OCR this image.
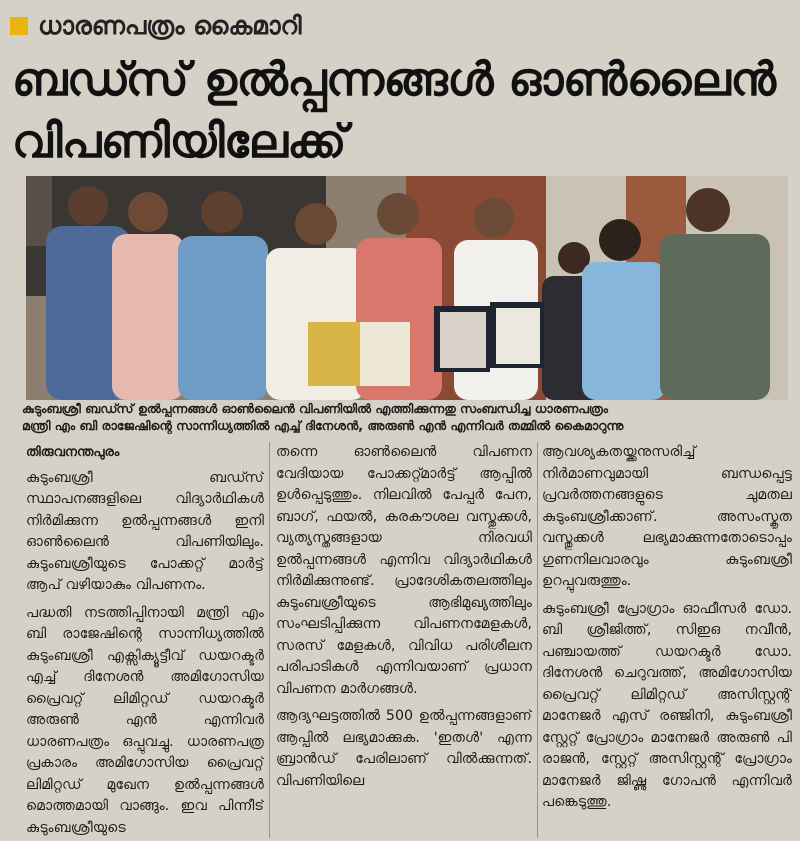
ധാരണപത്രം കൈമാറി
ബഡ്സ് ഉൽപ്പന്നങ്ങൾ ഓൺലൈൻ
വിപണിയിലേക്ക്
കുടുംബശ്രീ ബഡ്സ് ഉൽപ്പന്നങ്ങൾ ഓൺലൈൻ വിപണിയിൽ എത്തിക്കുന്നതു സംബന്ധിച്ച ധാരണപത്രം
മന്ത്രി എം ബി രാജേഷിന്റെ സാന്നിധ്യത്തിൽ എച്ച് ദിനേശൻ, അരുൺ എൻ എന്നിവർ തമ്മിൽ കൈമാറുന്നു

തിരുവനന്തപുരം

കുടുംബശ്രീ ബഡ്സ് സ്ഥാപനങ്ങളിലെ വിദ്യാർഥികൾ നിർമിക്കുന്ന ഉൽപ്പന്നങ്ങൾ ഇനി ഓൺലൈൻ വിപണിയിലും. കുടുംബശ്രീയുടെ പോക്കറ്റ് മാർട്ട് ആപ് വഴിയാകും വിപണനം.

പദ്ധതി നടത്തിപ്പിനായി മന്ത്രി എം ബി രാജേഷിന്റെ സാന്നിധ്യത്തിൽ കുടുംബശ്രീ എക്സിക്യൂട്ടീവ് ഡയറക്ടർ എച്ച് ദിനേശൻ അമിഗോസിയ പ്രൈവറ്റ് ലിമിറ്റഡ് ഡയറക്ടർ അരുൺ എൻ എന്നിവർ ധാരണപത്രം ഒപ്പുവച്ചു. ധാരണപത്ര പ്രകാരം അമിഗോസിയ പ്രൈവറ്റ് ലിമിറ്റഡ് മുഖേന ഉൽപ്പന്നങ്ങൾ മൊത്തമായി വാങ്ങും. ഇവ പിന്നീട് കുടുംബശ്രീയുടെ

തന്നെ ഓൺലൈൻ വിപണന വേദിയായ പോക്കറ്റ്മാർട്ട് ആപ്പിൽ ഉൾപ്പെടുത്തും. നിലവിൽ പേപ്പർ പേന, ബാഗ്, ഫയൽ, കരകൗശല വസ്തുക്കൾ, വ്യത്യസ്തങ്ങളായ നിരവധി ഉൽപ്പന്നങ്ങൾ എന്നിവ വിദ്യാർഥികൾ നിർമിക്കുന്നുണ്ട്. പ്രാദേശികതലത്തിലും കുടുംബശ്രീയുടെ ആഭിമുഖ്യത്തിലും സംഘടിപ്പിക്കുന്ന വിപണനമേളകൾ, സരസ് മേളകൾ, വിവിധ പരിശീലന പരിപാടികൾ എന്നിവയാണ് പ്രധാന വിപണന മാർഗങ്ങൾ.

ആദ്യഘട്ടത്തിൽ 500 ഉൽപ്പന്നങ്ങളാണ് ആപ്പിൽ ലഭ്യമാക്കുക. 'ഇതൾ' എന്ന ബ്രാൻഡ് പേരിലാണ് വിൽക്കുന്നത്. വിപണിയിലെ

ആവശ്യകതയ്ക്കനുസരിച്ച് നിർമാണവുമായി ബന്ധപ്പെട്ട പ്രവർത്തനങ്ങളുടെ ചുമതല കുടുംബശ്രീക്കാണ്. അസംസ്കൃത വസ്തുക്കൾ ലഭ്യമാക്കുന്നതോടൊപ്പം ഗുണനിലവാരവും കുടുംബശ്രീ ഉറപ്പുവരുത്തും.

കുടുംബശ്രീ പ്രോഗ്രാം ഓഫീസർ ഡോ. ബി ശ്രീജിത്ത്, സിഇഒ നവീൻ, പഞ്ചായത്ത് ഡയറക്ടർ ഡോ. ദിനേശൻ ചെറുവത്ത്, അമിഗോസിയ പ്രൈവറ്റ് ലിമിറ്റഡ് അസിസ്റ്റന്റ് മാനേജർ എസ് രഞ്ജിനി, കുടുംബശ്രീ സ്റ്റേറ്റ് പ്രോഗ്രാം മാനേജർ അരുൺ പി രാജൻ, സ്റ്റേറ്റ് അസിസ്റ്റന്റ് പ്രോഗ്രാം മാനേജർ ജിഷ്ണു ഗോപൻ എന്നിവർ പങ്കെടുത്തു.
